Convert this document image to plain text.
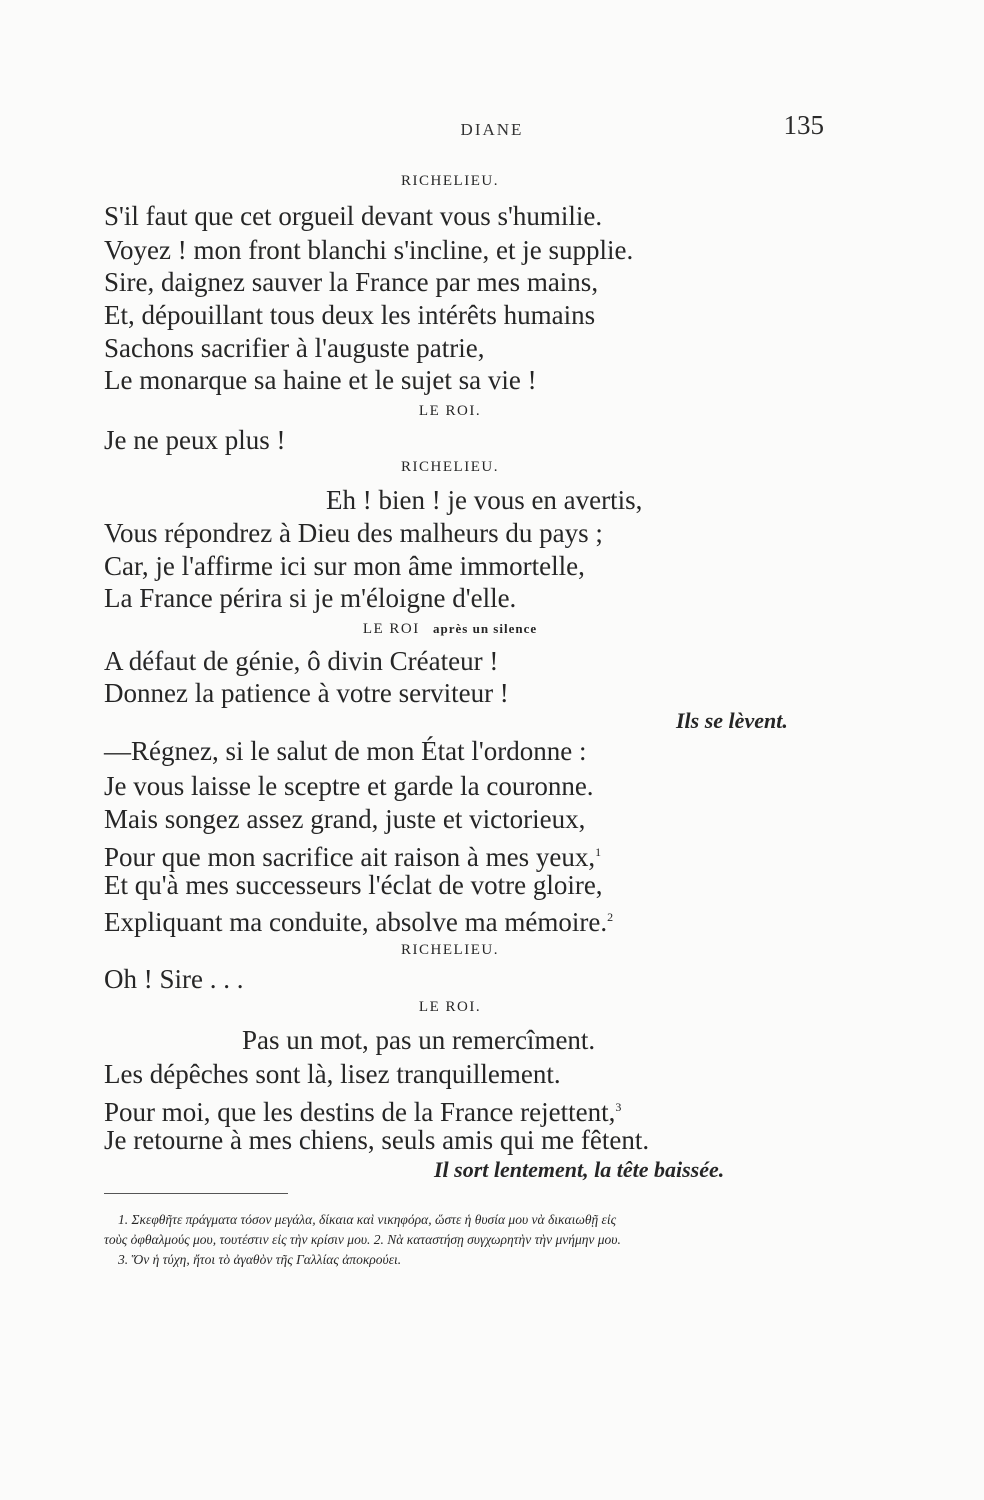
DIANE	135
RICHELIEU.
S'il faut que cet orgueil devant vous s'humilie.
Voyez ! mon front blanchi s'incline, et je supplie.
Sire, daignez sauver la France par mes mains,
Et, dépouillant tous deux les intérêts humains
Sachons sacrifier à l'auguste patrie,
Le monarque sa haine et le sujet sa vie !
LE ROI.
Je ne peux plus !
RICHELIEU.
Eh ! bien ! je vous en avertis,
Vous répondrez à Dieu des malheurs du pays ;
Car, je l'affirme ici sur mon âme immortelle,
La France périra si je m'éloigne d'elle.
LE ROI après un silence
A défaut de génie, ô divin Créateur !
Donnez la patience à votre serviteur !
Ils se lèvent.
—Régnez, si le salut de mon État l'ordonne :
Je vous laisse le sceptre et garde la couronne.
Mais songez assez grand, juste et victorieux,
Pour que mon sacrifice ait raison à mes yeux,$^1$
Et qu'à mes successeurs l'éclat de votre gloire,
Expliquant ma conduite, absolve ma mémoire.$^2$
RICHELIEU.
Oh ! Sire . . .
LE ROI.
Pas un mot, pas un remercîment.
Les dépêches sont là, lisez tranquillement.
Pour moi, que les destins de la France rejettent,$^3$
Je retourne à mes chiens, seuls amis qui me fêtent.
Il sort lentement, la tête baissée.
1. Σκεφθῆτε πράγματα τόσον μεγάλα, δίκαια καὶ νικηφόρα, ὥστε ἡ θυσία μου νὰ δικαιωθῇ εἰς
τοὺς ὀφθαλμούς μου, τουτέστιν εἰς τὴν κρίσιν μου. 2. Νὰ καταστήσῃ συγχωρητὴν τὴν μνήμην μου.
3. Ὅν ἡ τύχη, ἤτοι τὸ ἀγαθὸν τῆς Γαλλίας ἀποκρούει.
